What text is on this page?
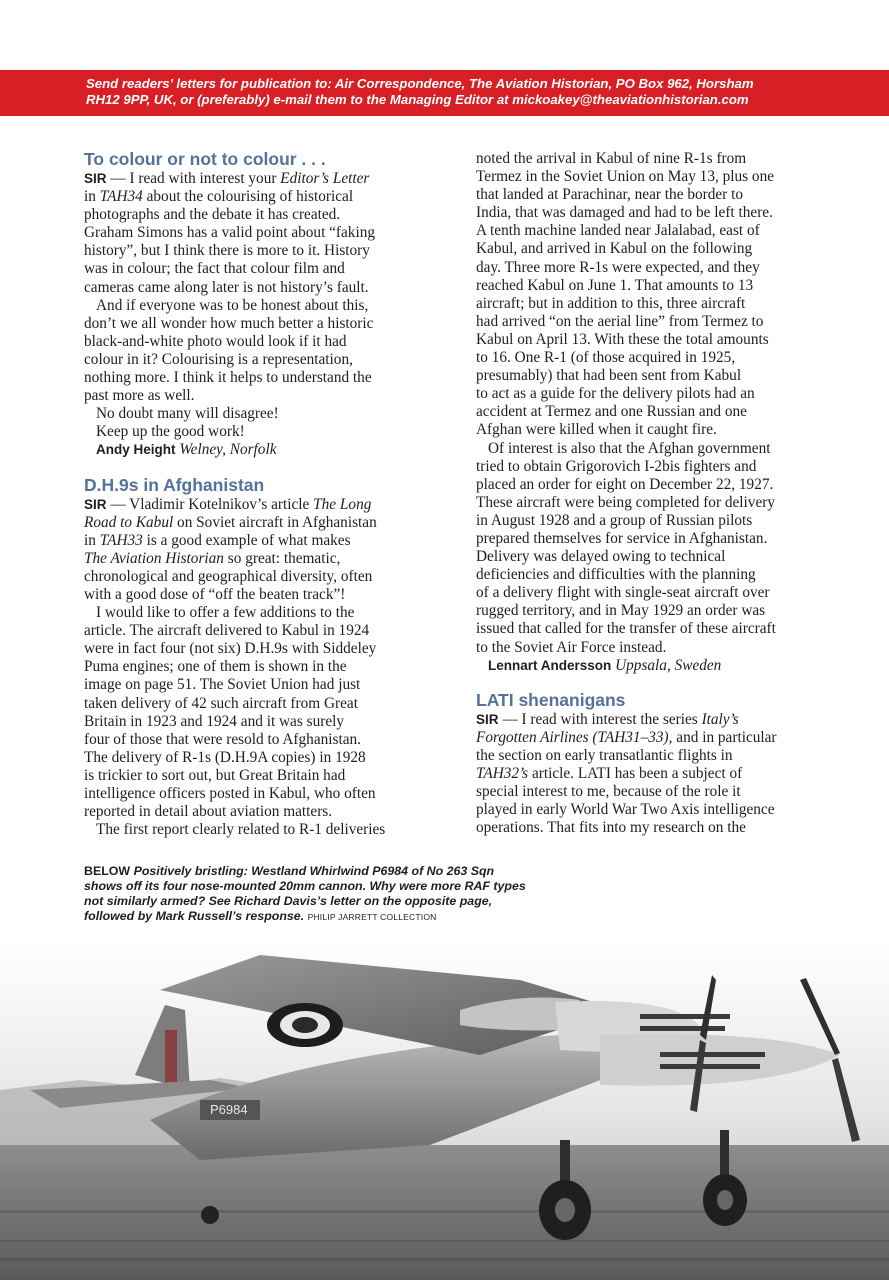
Send readers’ letters for publication to: Air Correspondence, The Aviation Historian, PO Box 962, Horsham

RH12 9PP, UK, or (preferably) e-mail them to the Managing Editor at mickoakey@theaviationhistorian.com

To colour or not to colour . . .

SIR — I read with interest your Editor’s Letter

in TAH34 about the colourising of historical

photographs and the debate it has created.

Graham Simons has a valid point about “faking

history”, but I think there is more to it. History

was in colour; the fact that colour film and

cameras came along later is not history’s fault.

And if everyone was to be honest about this,

don’t we all wonder how much better a historic

black-and-white photo would look if it had

colour in it? Colourising is a representation,

nothing more. I think it helps to understand the

past more as well.

No doubt many will disagree!

Keep up the good work!

Andy Height Welney, Norfolk

D.H.9s in Afghanistan

SIR — Vladimir Kotelnikov’s article The Long

Road to Kabul on Soviet aircraft in Afghanistan

in TAH33 is a good example of what makes

The Aviation Historian so great: thematic,

chronological and geographical diversity, often

with a good dose of “off the beaten track”!

I would like to offer a few additions to the

article. The aircraft delivered to Kabul in 1924

were in fact four (not six) D.H.9s with Siddeley

Puma engines; one of them is shown in the

image on page 51. The Soviet Union had just

taken delivery of 42 such aircraft from Great

Britain in 1923 and 1924 and it was surely

four of those that were resold to Afghanistan.

The delivery of R-1s (D.H.9A copies) in 1928

is trickier to sort out, but Great Britain had

intelligence officers posted in Kabul, who often

reported in detail about aviation matters.

The first report clearly related to R-1 deliveries

noted the arrival in Kabul of nine R-1s from

Termez in the Soviet Union on May 13, plus one

that landed at Parachinar, near the border to

India, that was damaged and had to be left there.

A tenth machine landed near Jalalabad, east of

Kabul, and arrived in Kabul on the following

day. Three more R-1s were expected, and they

reached Kabul on June 1. That amounts to 13

aircraft; but in addition to this, three aircraft

had arrived “on the aerial line” from Termez to

Kabul on April 13. With these the total amounts

to 16. One R-1 (of those acquired in 1925,

presumably) that had been sent from Kabul

to act as a guide for the delivery pilots had an

accident at Termez and one Russian and one

Afghan were killed when it caught fire.

Of interest is also that the Afghan government

tried to obtain Grigorovich I-2bis fighters and

placed an order for eight on December 22, 1927.

These aircraft were being completed for delivery

in August 1928 and a group of Russian pilots

prepared themselves for service in Afghanistan.

Delivery was delayed owing to technical

deficiencies and difficulties with the planning

of a delivery flight with single-seat aircraft over

rugged territory, and in May 1929 an order was

issued that called for the transfer of these aircraft

to the Soviet Air Force instead.

Lennart Andersson Uppsala, Sweden

LATI shenanigans

SIR — I read with interest the series Italy’s

Forgotten Airlines (TAH31–33), and in particular

the section on early transatlantic flights in

TAH32’s article. LATI has been a subject of

special interest to me, because of the role it

played in early World War Two Axis intelligence

operations. That fits into my research on the

BELOW Positively bristling: Westland Whirlwind P6984 of No 263 Sqn

shows off its four nose-mounted 20mm cannon. Why were more RAF types

not similarly armed? See Richard Davis’s letter on the opposite page,

followed by Mark Russell’s response. PHILIP JARRETT COLLECTION

P6984
